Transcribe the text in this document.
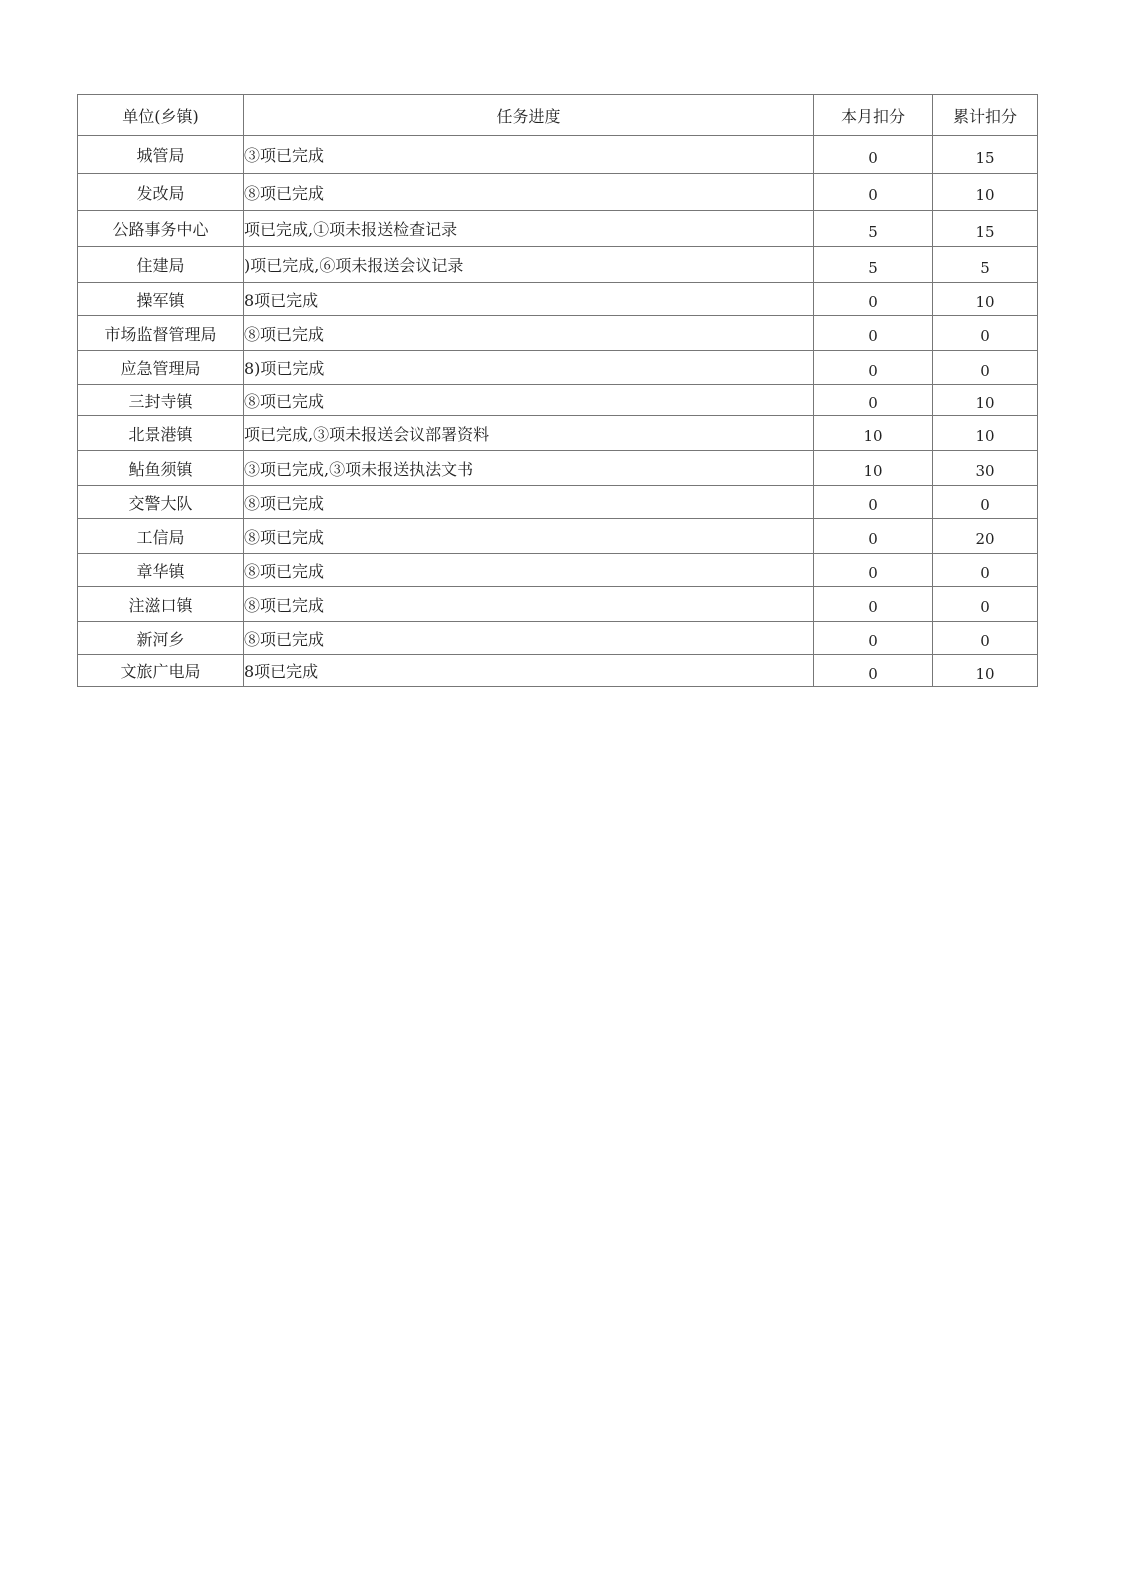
单位(乡镇)	任务进度	本月扣分	累计扣分
城管局	③项已完成	0	15
发改局	⑧项已完成	0	10
公路事务中心	项已完成,①项未报送检查记录	5	15
住建局	)项已完成,⑥项未报送会议记录	5	5
操军镇	8项已完成	0	10
市场监督管理局	⑧项已完成	0	0
应急管理局	8)项已完成	0	0
三封寺镇	⑧项已完成	0	10
北景港镇	项已完成,③项未报送会议部署资料	10	10
鲇鱼须镇	③项已完成,③项未报送执法文书	10	30
交警大队	⑧项已完成	0	0
工信局	⑧项已完成	0	20
章华镇	⑧项已完成	0	0
注滋口镇	⑧项已完成	0	0
新河乡	⑧项已完成	0	0
文旅广电局	8项已完成	0	10
